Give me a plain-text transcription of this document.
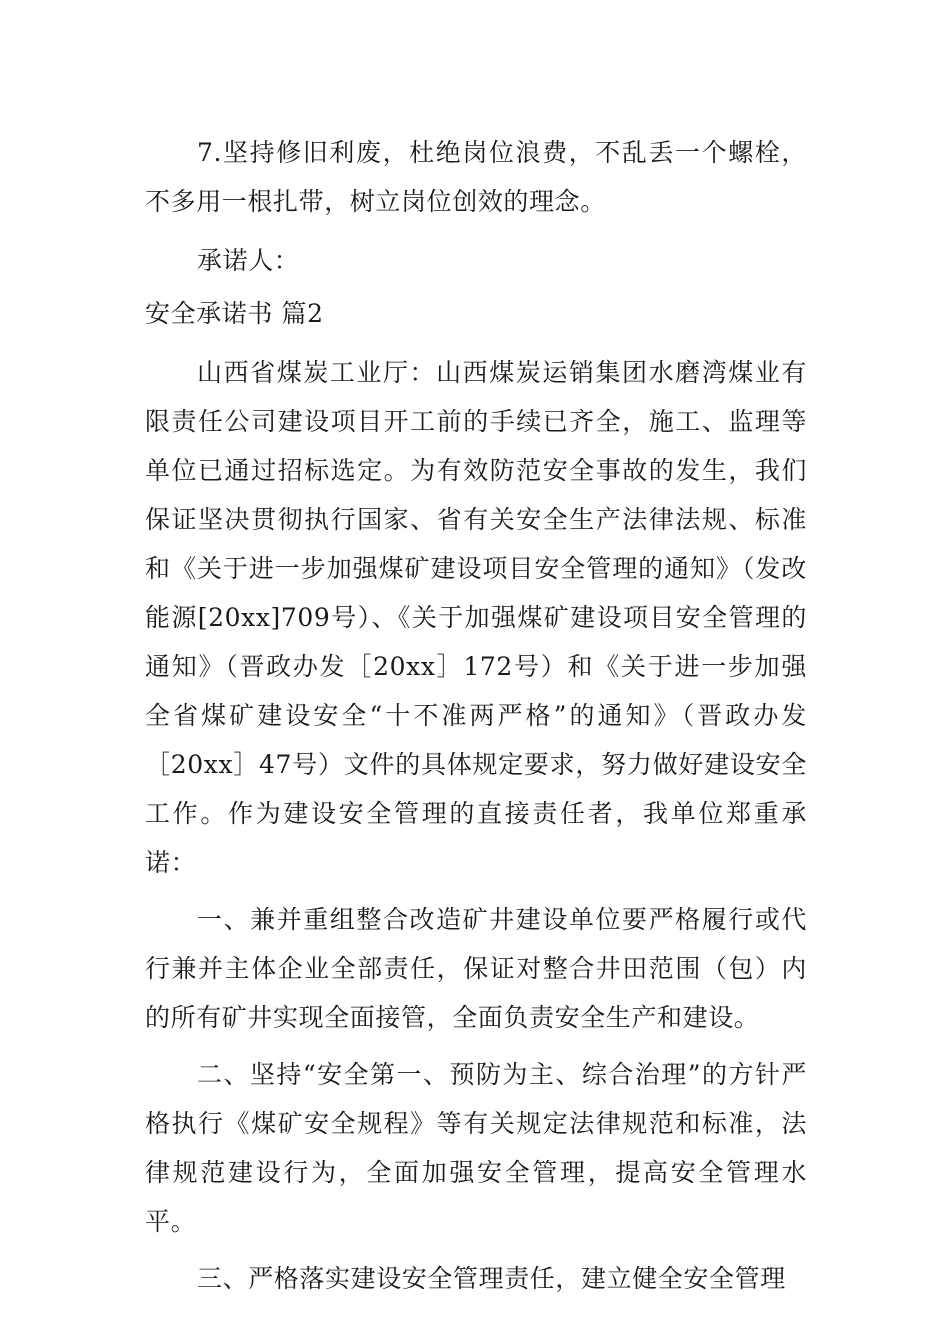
7.坚持修旧利废，杜绝岗位浪费，不乱丢一个螺栓，不多用一根扎带，树立岗位创效的理念。

承诺人：

安全承诺书 篇2

山西省煤炭工业厅：山西煤炭运销集团水磨湾煤业有限责任公司建设项目开工前的手续已齐全，施工、监理等单位已通过招标选定。为有效防范安全事故的发生，我们保证坚决贯彻执行国家、省有关安全生产法律法规、标准和《关于进一步加强煤矿建设项目安全管理的通知》（发改能源[20xx]709号）、《关于加强煤矿建设项目安全管理的通知》（晋政办发［20xx］172号）和《关于进一步加强全省煤矿建设安全“十不准两严格”的通知》（晋政办发［20xx］47号）文件的具体规定要求，努力做好建设安全工作。作为建设安全管理的直接责任者，我单位郑重承诺：

一、兼并重组整合改造矿井建设单位要严格履行或代行兼并主体企业全部责任，保证对整合井田范围（包）内的所有矿井实现全面接管，全面负责安全生产和建设。

二、坚持“安全第一、预防为主、综合治理”的方针严格执行《煤矿安全规程》等有关规定法律规范和标准，法律规范建设行为，全面加强安全管理，提高安全管理水平。

三、严格落实建设安全管理责任，建立健全安全管理
